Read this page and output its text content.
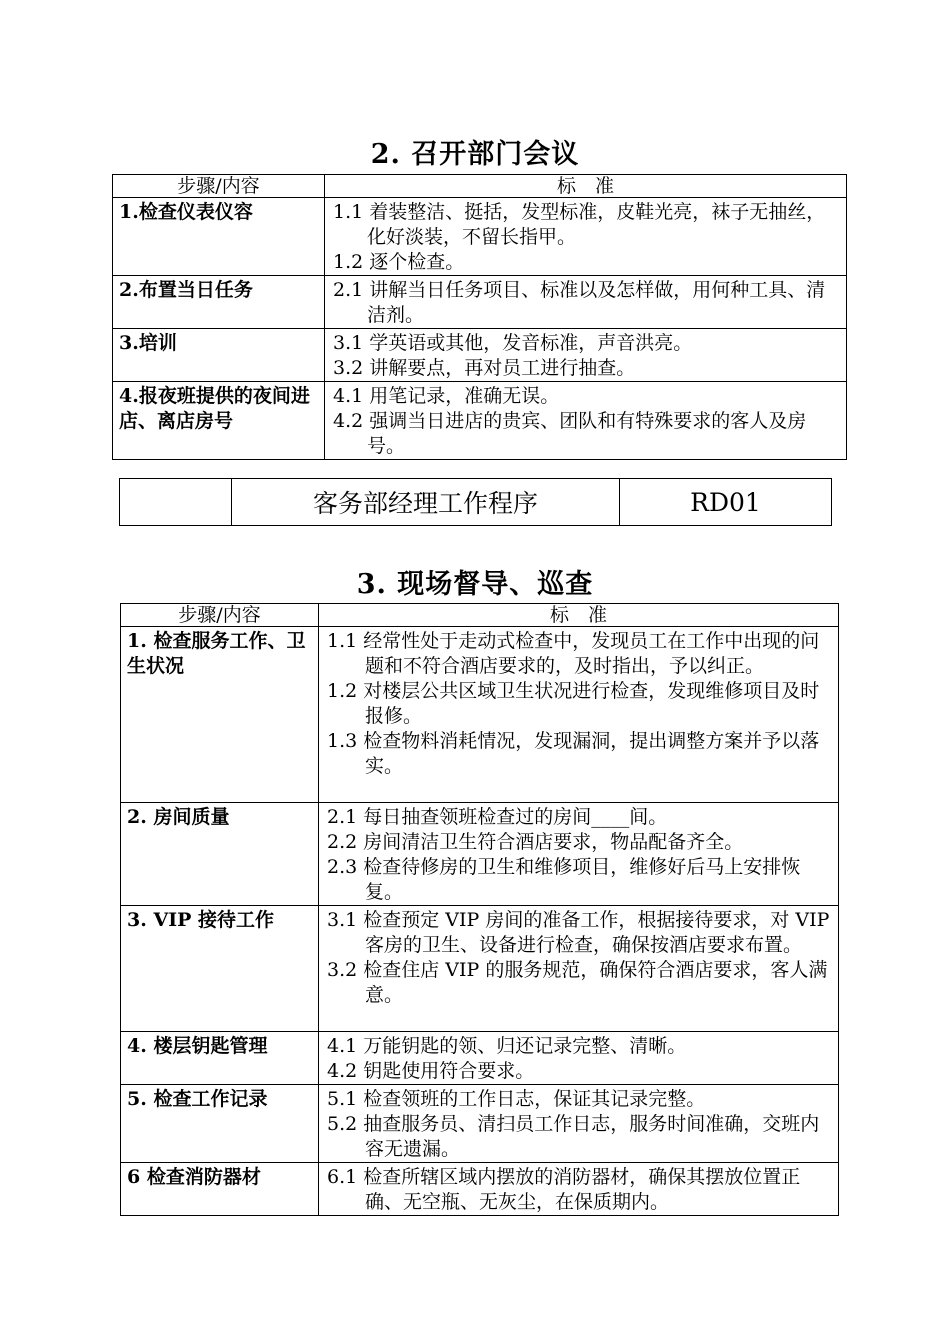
2. 召开部门会议
步骤/内容	标　准
1.检查仪表仪容	1.1 着装整洁、挺括，发型标准，皮鞋光亮，袜子无抽丝，化好淡装，不留长指甲。
1.2 逐个检查。

2.布置当日任务	2.1 讲解当日任务项目、标准以及怎样做，用何种工具、清洁剂。

3.培训	3.1 学英语或其他，发音标准，声音洪亮。
3.2 讲解要点，再对员工进行抽查。

4.报夜班提供的夜间进店、离店房号	4.1 用笔记录，准确无误。
4.2 强调当日进店的贵宾、团队和有特殊要求的客人及房号。
	客务部经理工作程序	RD01
3. 现场督导、巡查
步骤/内容	标　准
1. 检查服务工作、卫生状况	1.1 经常性处于走动式检查中，发现员工在工作中出现的问题和不符合酒店要求的，及时指出，予以纠正。
1.2 对楼层公共区域卫生状况进行检查，发现维修项目及时报修。
1.3 检查物料消耗情况，发现漏洞，提出调整方案并予以落实。

2. 房间质量	2.1 每日抽查领班检查过的房间____间。
2.2 房间清洁卫生符合酒店要求，物品配备齐全。
2.3 检查待修房的卫生和维修项目，维修好后马上安排恢复。

3. VIP 接待工作	3.1 检查预定 VIP 房间的准备工作，根据接待要求，对 VIP 客房的卫生、设备进行检查，确保按酒店要求布置。
3.2 检查住店 VIP 的服务规范，确保符合酒店要求，客人满意。

4. 楼层钥匙管理	4.1 万能钥匙的领、归还记录完整、清晰。
4.2 钥匙使用符合要求。

5. 检查工作记录	5.1 检查领班的工作日志，保证其记录完整。
5.2 抽查服务员、清扫员工作日志，服务时间准确，交班内容无遗漏。

6 检查消防器材	6.1 检查所辖区域内摆放的消防器材，确保其摆放位置正确、无空瓶、无灰尘，在保质期内。
